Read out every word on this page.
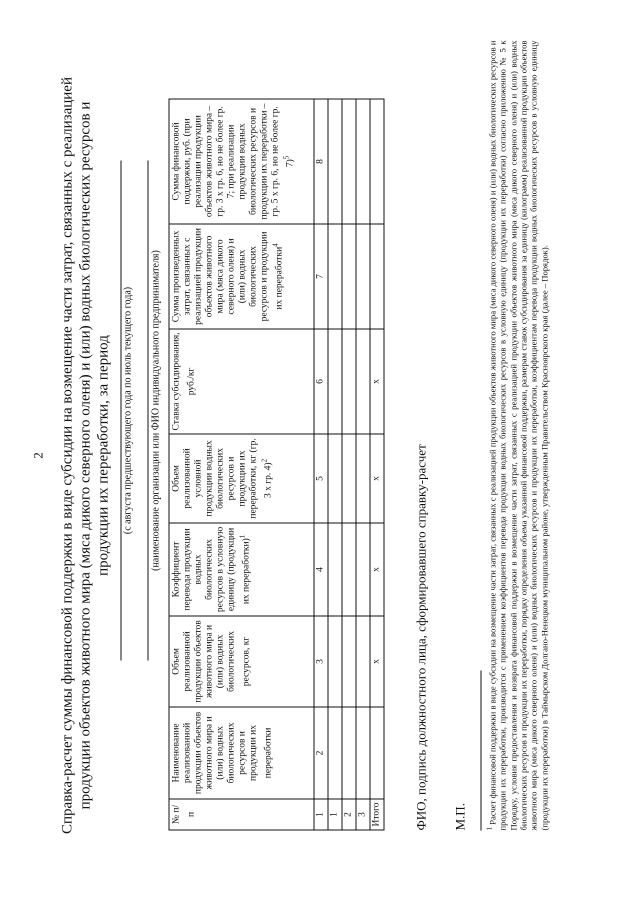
2 Справка-расчет суммы финансовой поддержки в виде субсидии на возмещение части затрат, связанных с реализацией продукции объектов животного мира (мяса дикого северного оленя) и (или) водных биологических ресурсов и продукции их переработки, за период (с августа предшествующего года по июль текущего года) (наименование организации или ФИО индивидуального предпринимателя)
№ п/п	Наименование реализованной продукции объектов животного мира и (или) водных биологических ресурсов и продукции их переработки	Объем реализованной продукции объектов животного мира и (или) водных биологических ресурсов, кг	Коэффициент перевода продукции водных биологических ресурсов в условную единицу (продукции их переработки)$^1$	Объем реализованной условной продукции водных биологических ресурсов и продукции их переработки, кг (гр. 3 х гр. 4)$^2$	Ставка субсидирования, руб./кг	Сумма произведенных затрат, связанных с реализацией продукции объектов животного мира (мяса дикого северного оленя) и (или) водных биологических ресурсов и продукции их переработки$^4$	Сумма финансовой поддержки, руб. (при реализации продукции объектов животного мира – гр. 3 х гр. 6, но не более гр. 7; при реализации продукции водных биологических ресурсов и продукции их переработки – гр. 5 х гр. 6, но не более гр. 7)$^5$
1	2	3	4	5	6	7	8
1							
2							
3							
Итого		х	х	х	х		
ФИО, подпись должностного лица, сформировавшего справку-расчет М.П.	$^1$ Расчет финансовой поддержки в виде субсидии на возмещение части затрат, связанных с реализацией продукции объектов животного мира (мяса дикого северного оленя) и (или) водных биологических ресурсов и продукции их переработки, производится с применением коэффициентов перевода продукции водных биологических ресурсов в условную единицу (продукции их переработки) согласно приложению № 5 к Порядку, условия предоставления и возврата финансовой поддержки в возмещение части затрат, связанных с реализацией продукции объектов животного мира (мяса дикого северного оленя) и (или) водных биологических ресурсов и продукции их переработки, порядку определения объема указанной финансовой поддержки, размерам ставок субсидирования за единицу (килограмм) реализованной продукции объектов животного мира (мяса дикого северного оленя) и (или) водных биологических ресурсов и продукции их переработки, коэффициентам перевода продукции водных биологических ресурсов в условную единицу (продукции их переработки) в Таймырском Долгано-Ненецком муниципальном районе, утвержденным Правительством Красноярского края (далее – Порядок).
